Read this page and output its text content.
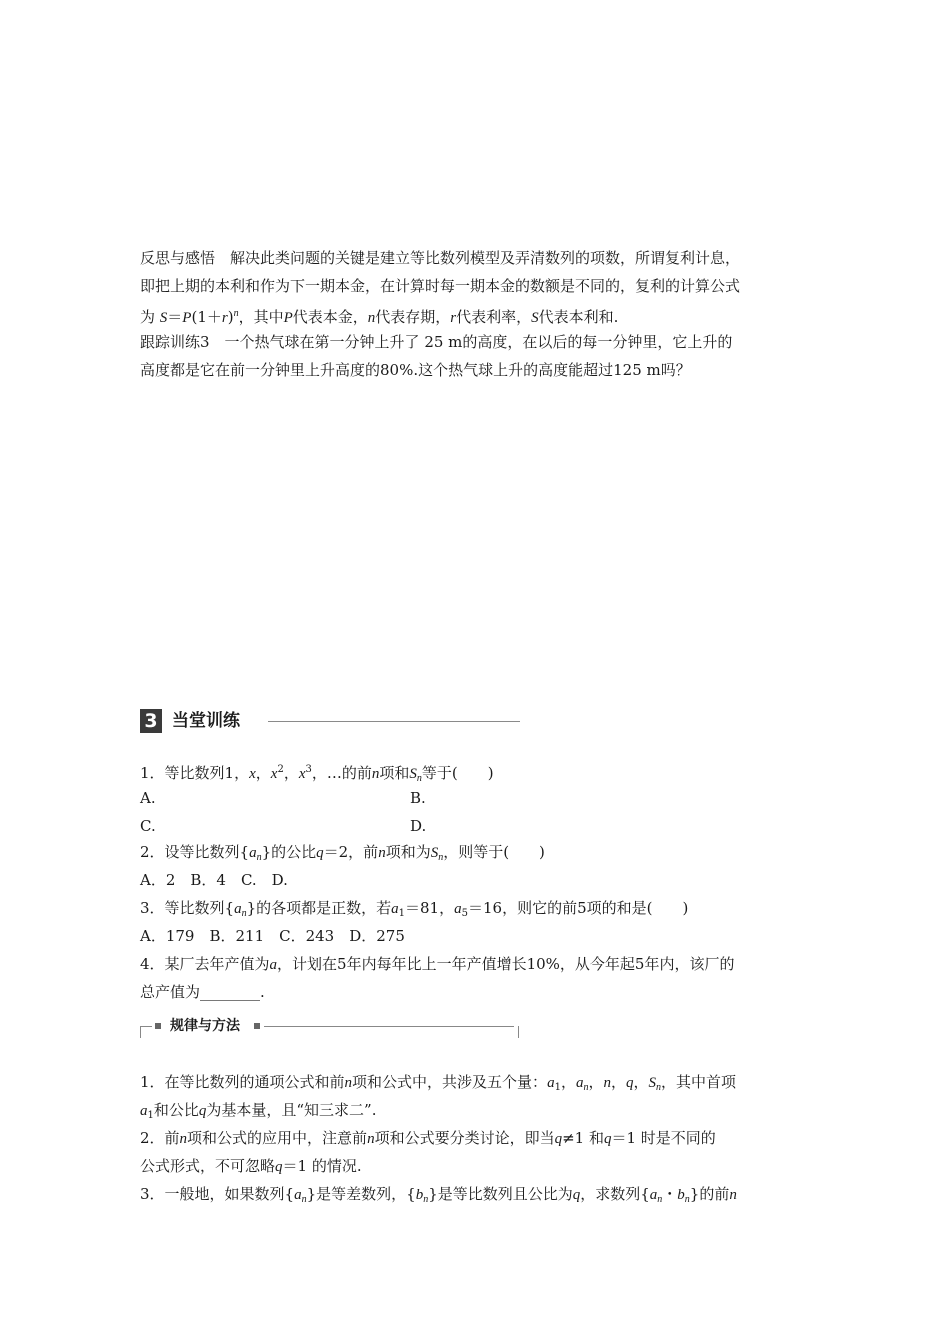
反思与感悟　解决此类问题的关键是建立等比数列模型及弄清数列的项数，所谓复利计息，
即把上期的本利和作为下一期本金，在计算时每一期本金的数额是不同的，复利的计算公式
为 $S=P(1+r)^n$，其中P代表本金，n代表存期，r代表利率，S代表本利和.
跟踪训练3　一个热气球在第一分钟上升了 25 m的高度，在以后的每一分钟里，它上升的
高度都是它在前一分钟里上升高度的80%.这个热气球上升的高度能超过125 m吗？
3 当堂训练
1．等比数列1，x，$x^2$，$x^3$，…的前n项和$S_n$等于(　　)
A.	B.
C.	D.
2．设等比数列$\{a_n\}$的公比q＝2，前n项和为$S_n$，则等于(　　)
A．2　B．4　C.　D.
3．等比数列$\{a_n\}$的各项都是正数，若$a_1=81$，$a_5=16$，则它的前5项的和是(　　)
A．179　B．211　C．243　D．275
4．某厂去年产值为a，计划在5年内每年比上一年产值增长10%，从今年起5年内，该厂的
总产值为________.
规律与方法
1．在等比数列的通项公式和前n项和公式中，共涉及五个量：$a_1$，$a_n$，n，q，$S_n$，其中首项
$a_1$和公比q为基本量，且“知三求二”.
2．前n项和公式的应用中，注意前n项和公式要分类讨论，即当q≠1 和q＝1 时是不同的
公式形式，不可忽略q＝1 的情况.
3．一般地，如果数列$\{a_n\}$是等差数列，$\{b_n\}$是等比数列且公比为q，求数列{$a_n$・$b_n$}的前n
